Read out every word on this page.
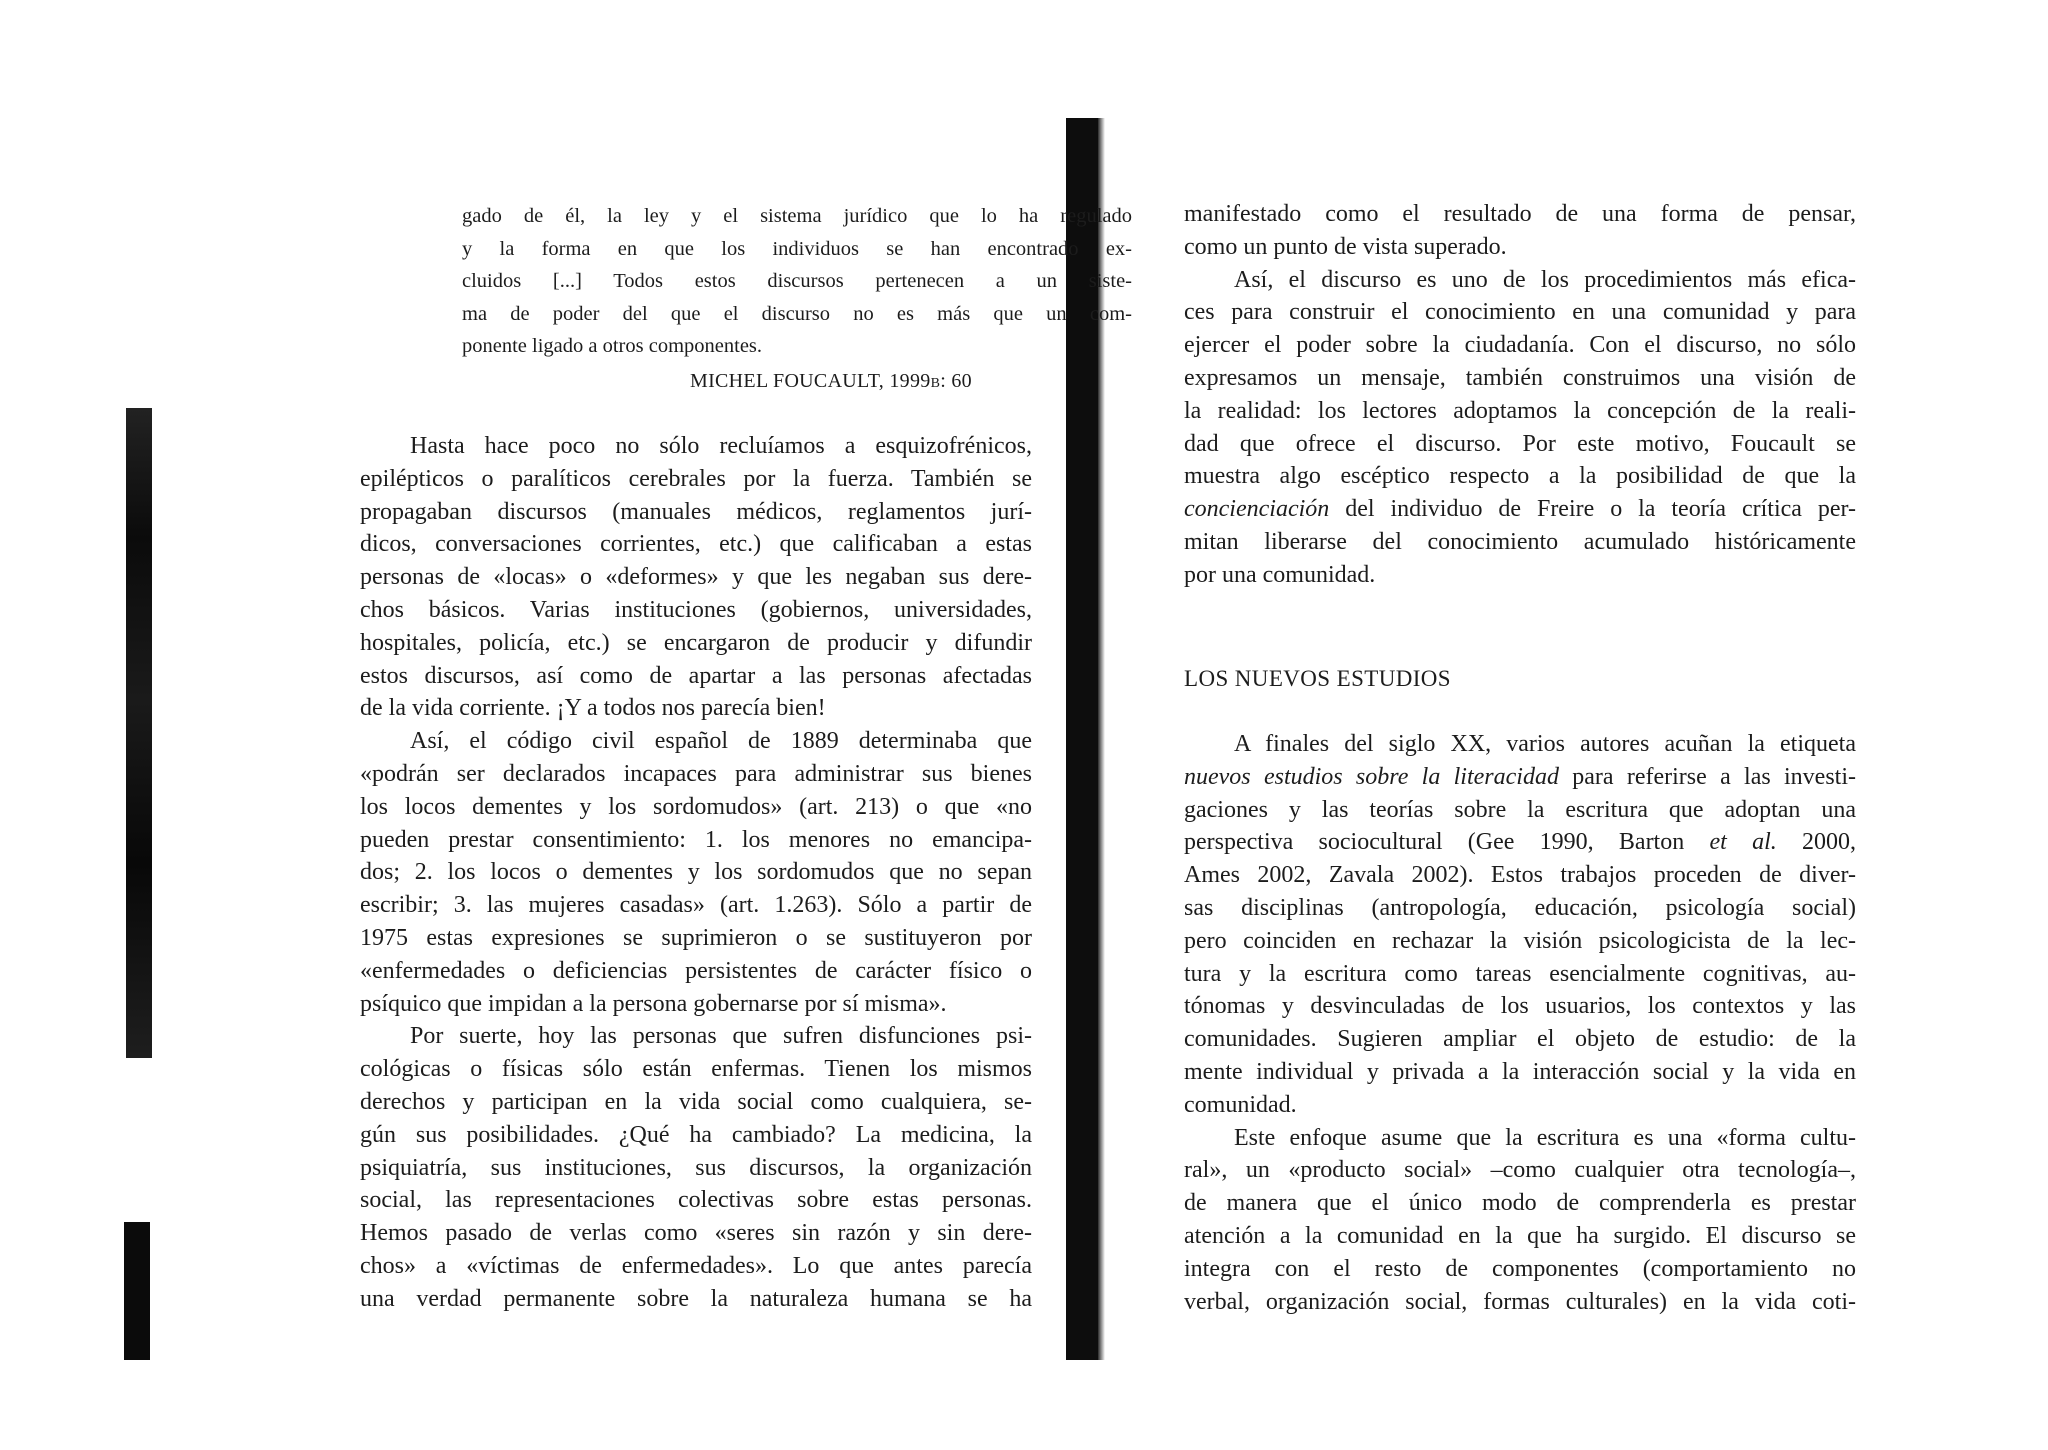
gado de él, la ley y el sistema jurídico que lo ha regulado
y la forma en que los individuos se han encontrado ex-
cluidos [...] Todos estos discursos pertenecen a un siste-
ma de poder del que el discurso no es más que un com-
ponente ligado a otros componentes.
MICHEL FOUCAULT, 1999b: 60
Hasta hace poco no sólo recluíamos a esquizofrénicos,
epilépticos o paralíticos cerebrales por la fuerza. También se
propagaban discursos (manuales médicos, reglamentos jurí-
dicos, conversaciones corrientes, etc.) que calificaban a estas
personas de «locas» o «deformes» y que les negaban sus dere-
chos básicos. Varias instituciones (gobiernos, universidades,
hospitales, policía, etc.) se encargaron de producir y difundir
estos discursos, así como de apartar a las personas afectadas
de la vida corriente. ¡Y a todos nos parecía bien!
Así, el código civil español de 1889 determinaba que
«podrán ser declarados incapaces para administrar sus bienes
los locos dementes y los sordomudos» (art. 213) o que «no
pueden prestar consentimiento: 1. los menores no emancipa-
dos; 2. los locos o dementes y los sordomudos que no sepan
escribir; 3. las mujeres casadas» (art. 1.263). Sólo a partir de
1975 estas expresiones se suprimieron o se sustituyeron por
«enfermedades o deficiencias persistentes de carácter físico o
psíquico que impidan a la persona gobernarse por sí misma».
Por suerte, hoy las personas que sufren disfunciones psi-
cológicas o físicas sólo están enfermas. Tienen los mismos
derechos y participan en la vida social como cualquiera, se-
gún sus posibilidades. ¿Qué ha cambiado? La medicina, la
psiquiatría, sus instituciones, sus discursos, la organización
social, las representaciones colectivas sobre estas personas.
Hemos pasado de verlas como «seres sin razón y sin dere-
chos» a «víctimas de enfermedades». Lo que antes parecía
una verdad permanente sobre la naturaleza humana se ha
manifestado como el resultado de una forma de pensar,
como un punto de vista superado.
Así, el discurso es uno de los procedimientos más efica-
ces para construir el conocimiento en una comunidad y para
ejercer el poder sobre la ciudadanía. Con el discurso, no sólo
expresamos un mensaje, también construimos una visión de
la realidad: los lectores adoptamos la concepción de la reali-
dad que ofrece el discurso. Por este motivo, Foucault se
muestra algo escéptico respecto a la posibilidad de que la
concienciación del individuo de Freire o la teoría crítica per-
mitan liberarse del conocimiento acumulado históricamente
por una comunidad.
LOS NUEVOS ESTUDIOS
A finales del siglo XX, varios autores acuñan la etiqueta
nuevos estudios sobre la literacidad para referirse a las investi-
gaciones y las teorías sobre la escritura que adoptan una
perspectiva sociocultural (Gee 1990, Barton et al. 2000,
Ames 2002, Zavala 2002). Estos trabajos proceden de diver-
sas disciplinas (antropología, educación, psicología social)
pero coinciden en rechazar la visión psicologicista de la lec-
tura y la escritura como tareas esencialmente cognitivas, au-
tónomas y desvinculadas de los usuarios, los contextos y las
comunidades. Sugieren ampliar el objeto de estudio: de la
mente individual y privada a la interacción social y la vida en
comunidad.
Este enfoque asume que la escritura es una «forma cultu-
ral», un «producto social» –como cualquier otra tecnología–,
de manera que el único modo de comprenderla es prestar
atención a la comunidad en la que ha surgido. El discurso se
integra con el resto de componentes (comportamiento no
verbal, organización social, formas culturales) en la vida coti-
